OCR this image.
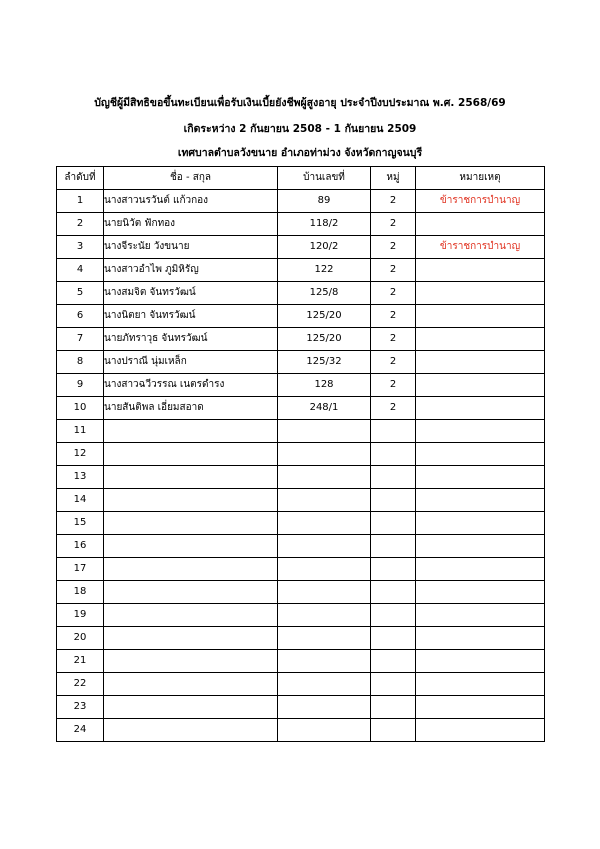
บัญชีผู้มีสิทธิขอขึ้นทะเบียนเพื่อรับเงินเบี้ยยังชีพผู้สูงอายุ ประจำปีงบประมาณ พ.ศ. 2568/69
เกิดระหว่าง 2 กันยายน 2508 - 1 กันยายน 2509
เทศบาลตำบลวังขนาย อำเภอท่าม่วง จังหวัดกาญจนบุรี
ลำดับที่	ชื่อ - สกุล	บ้านเลขที่	หมู่	หมายเหตุ
1	นางสาวนรวันต์ แก้วกอง	89	2	ข้าราชการบำนาญ
2	นายนิวัต ฟักทอง	118/2	2	
3	นางจีระนัย วังขนาย	120/2	2	ข้าราชการบำนาญ
4	นางสาวอำไพ ภูมิหิรัญ	122	2	
5	นางสมจิต จันทรวัฒน์	125/8	2	
6	นางนิตยา จันทรวัฒน์	125/20	2	
7	นายภัทราวุธ จันทรวัฒน์	125/20	2	
8	นางปราณี นุ่มเหล็ก	125/32	2	
9	นางสาวฉวีวรรณ เนตรดำรง	128	2	
10	นายสันติพล เอี่ยมสอาด	248/1	2	
11				
12				
13				
14				
15				
16				
17				
18				
19				
20				
21				
22				
23				
24				
